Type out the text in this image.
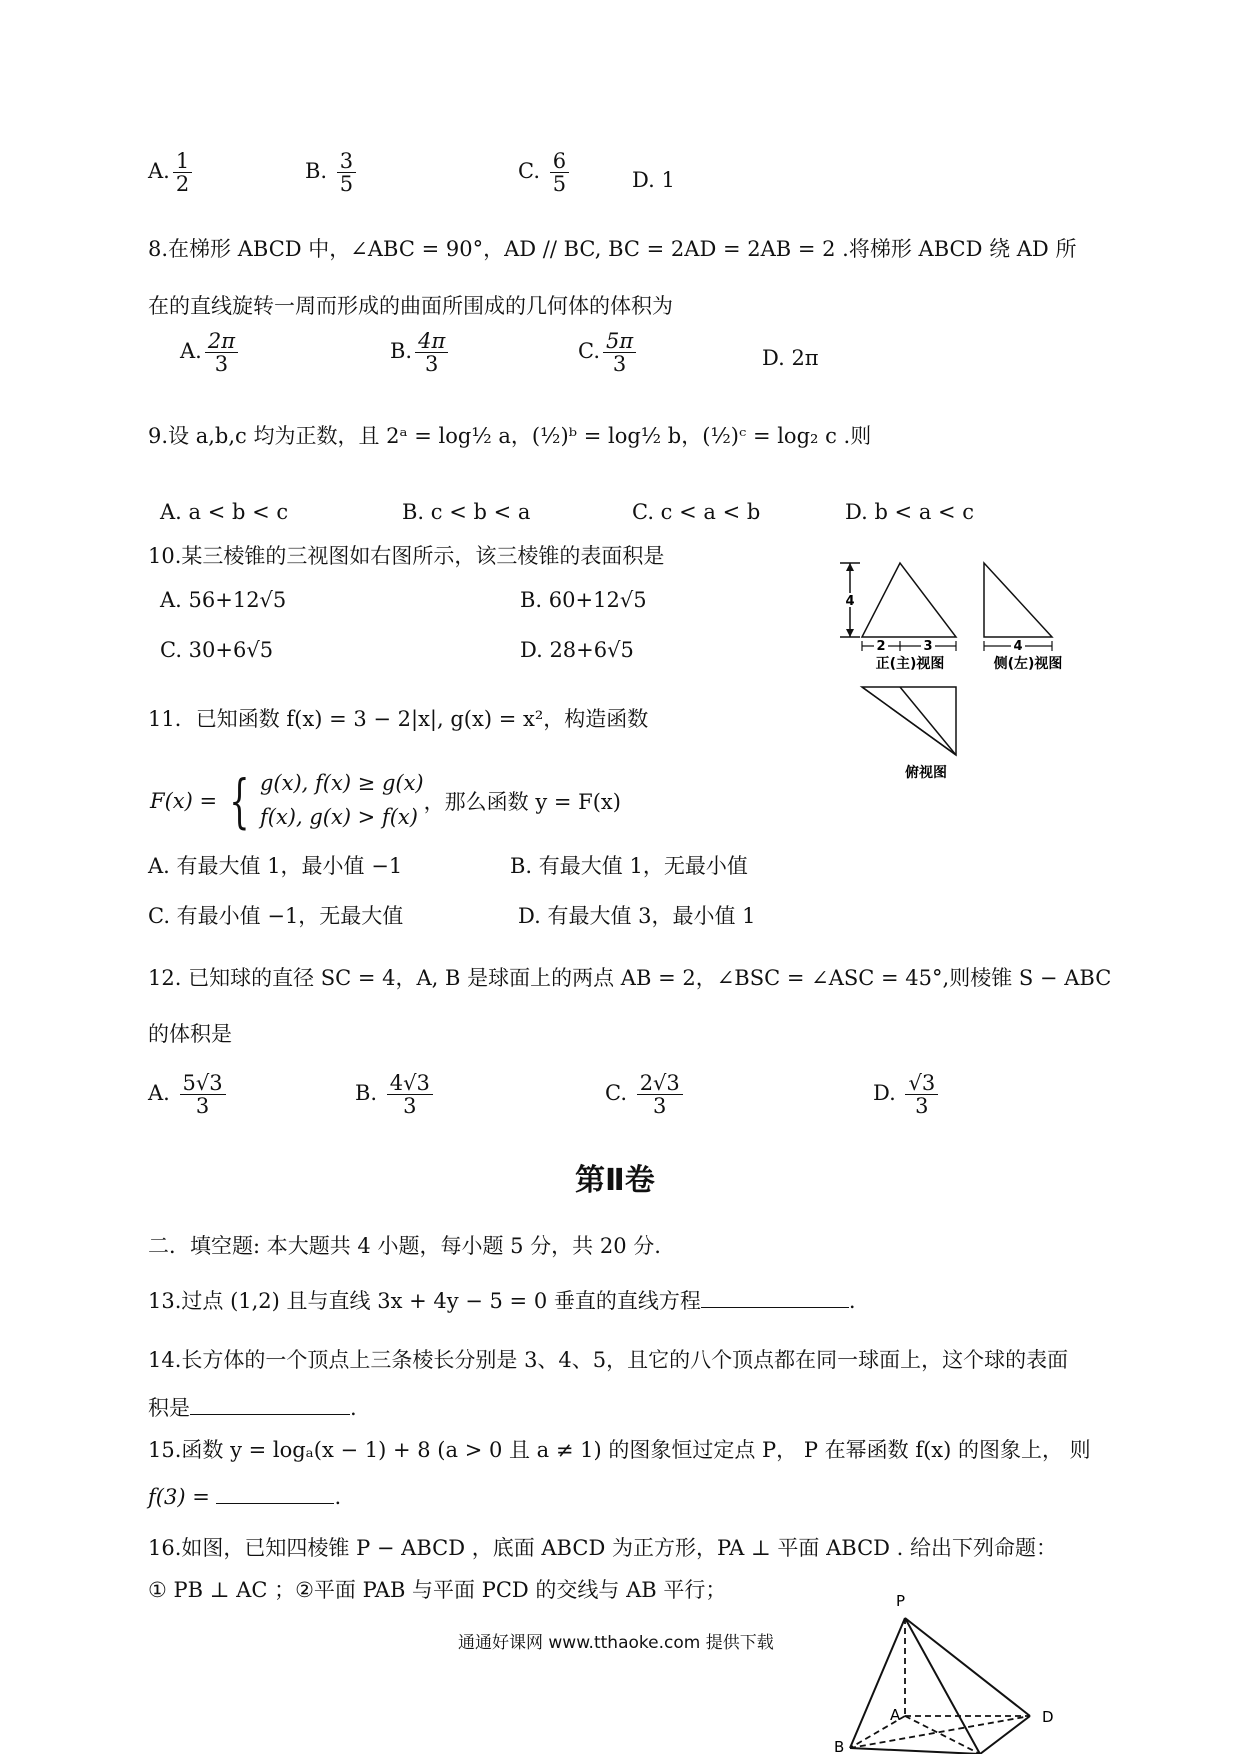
A. $\frac{1}{2}$	B. $\frac{3}{5}$	C. $\frac{6}{5}$	D. 1
8.在梯形 ABCD 中，∠ABC = 90°，AD // BC, BC = 2AD = 2AB = 2 .将梯形 ABCD 绕 AD 所
在的直线旋转一周而形成的曲面所围成的几何体的体积为
A. $\frac{2\pi}{3}$	B. $\frac{4\pi}{3}$	C. $\frac{5\pi}{3}$	D. 2π
9.设 a,b,c 均为正数，且 2ᵃ = log½ a，(½)ᵇ = log½ b，(½)ᶜ = log₂ c .则
A. a < b < c	B. c < b < a	C. c < a < b	D. b < a < c
10.某三棱锥的三视图如右图所示，该三棱锥的表面积是
A. 56+12√5	B. 60+12√5
C. 30+6√5	D. 28+6√5
4
2	3	4
正(主)视图	侧(左)视图
俯视图
11．已知函数 f(x) = 3 − 2|x|, g(x) = x²，构造函数
F(x) = { g(x), f(x) ≥ g(x)
f(x), g(x) > f(x)
，那么函数 y = F(x)
A. 有最大值 1，最小值 −1	B. 有最大值 1，无最小值
C. 有最小值 −1，无最大值	D. 有最大值 3，最小值 1
12. 已知球的直径 SC = 4，A, B 是球面上的两点 AB = 2，∠BSC = ∠ASC = 45°,则棱锥 S − ABC
的体积是
A. $\frac{5√3}{3}$	B. $\frac{4√3}{3}$	C. $\frac{2√3}{3}$	D. $\frac{√3}{3}$
第Ⅱ卷
二．填空题: 本大题共 4 小题，每小题 5 分，共 20 分.
13.过点 (1,2) 且与直线 3x + 4y − 5 = 0 垂直的直线方程	.
14.长方体的一个顶点上三条棱长分别是 3、4、5，且它的八个顶点都在同一球面上，这个球的表面
积是	.
15.函数 y = logₐ(x − 1) + 8 (a > 0 且 a ≠ 1) 的图象恒过定点 P， P 在幂函数 f(x) 的图象上， 则
f(3) =	.
16.如图，已知四棱锥 P − ABCD ，底面 ABCD 为正方形，PA ⊥ 平面 ABCD . 给出下列命题：
① PB ⊥ AC ；②平面 PAB 与平面 PCD 的交线与 AB 平行；
通通好课网 www.tthaoke.com 提供下载
P
A
B
D
